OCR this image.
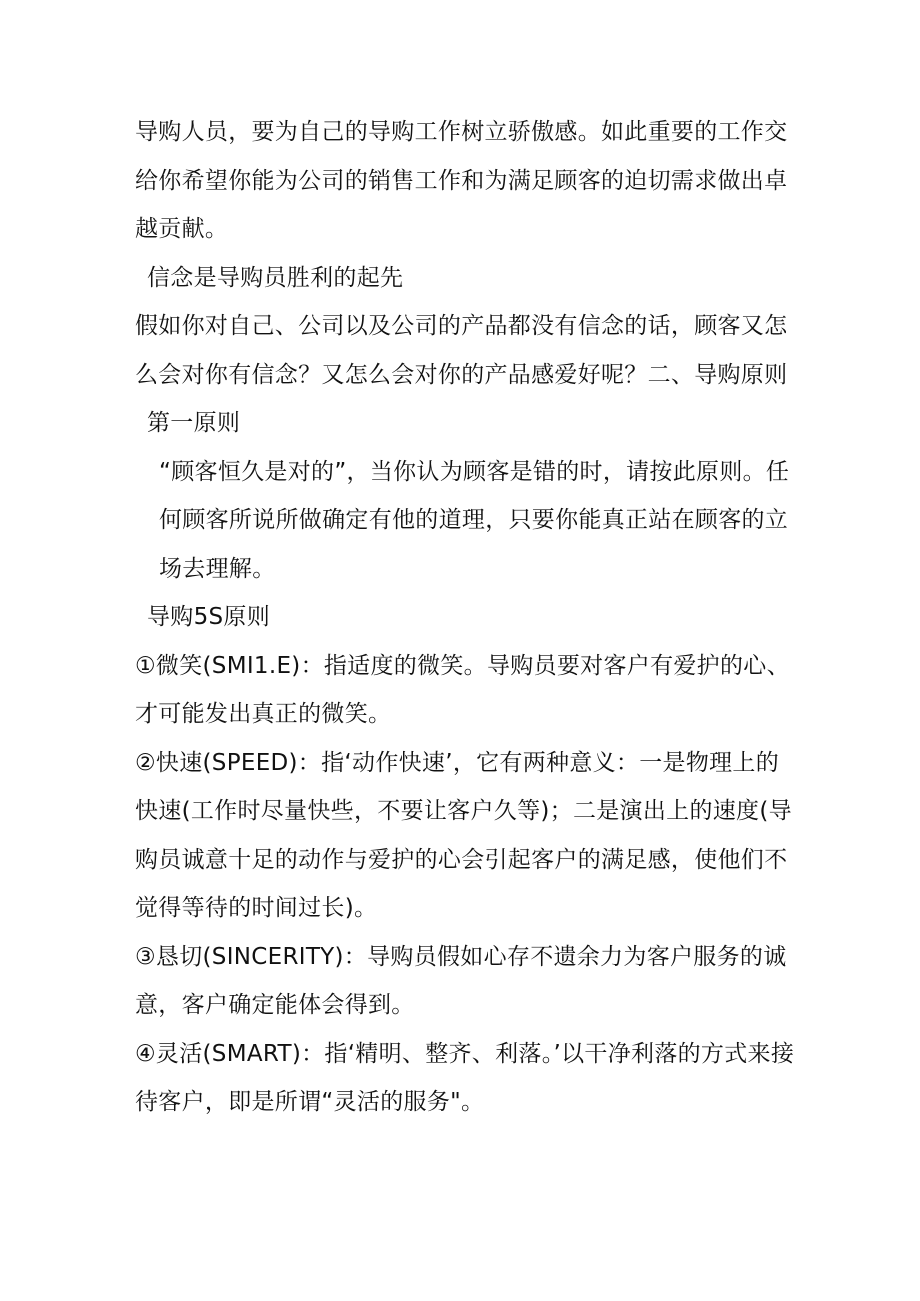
导购人员，要为自己的导购工作树立骄傲感。如此重要的工作交给你希望你能为公司的销售工作和为满足顾客的迫切需求做出卓越贡献。

信念是导购员胜利的起先

假如你对自己、公司以及公司的产品都没有信念的话，顾客又怎么会对你有信念？又怎么会对你的产品感爱好呢？二、导购原则

第一原则

“顾客恒久是对的”，当你认为顾客是错的时，请按此原则。任何顾客所说所做确定有他的道理，只要你能真正站在顾客的立场去理解。

导购5S原则

①微笑(SMI1.E)：指适度的微笑。导购员要对客户有爱护的心、才可能发出真正的微笑。

②快速(SPEED)：指‘动作快速’，它有两种意义：一是物理上的快速(工作时尽量快些，不要让客户久等)；二是演出上的速度(导购员诚意十足的动作与爱护的心会引起客户的满足感，使他们不觉得等待的时间过长)。

③恳切(SINCERITY)：导购员假如心存不遗余力为客户服务的诚意，客户确定能体会得到。

④灵活(SMART)：指‘精明、整齐、利落。’以干净利落的方式来接待客户，即是所谓“灵活的服务"。
